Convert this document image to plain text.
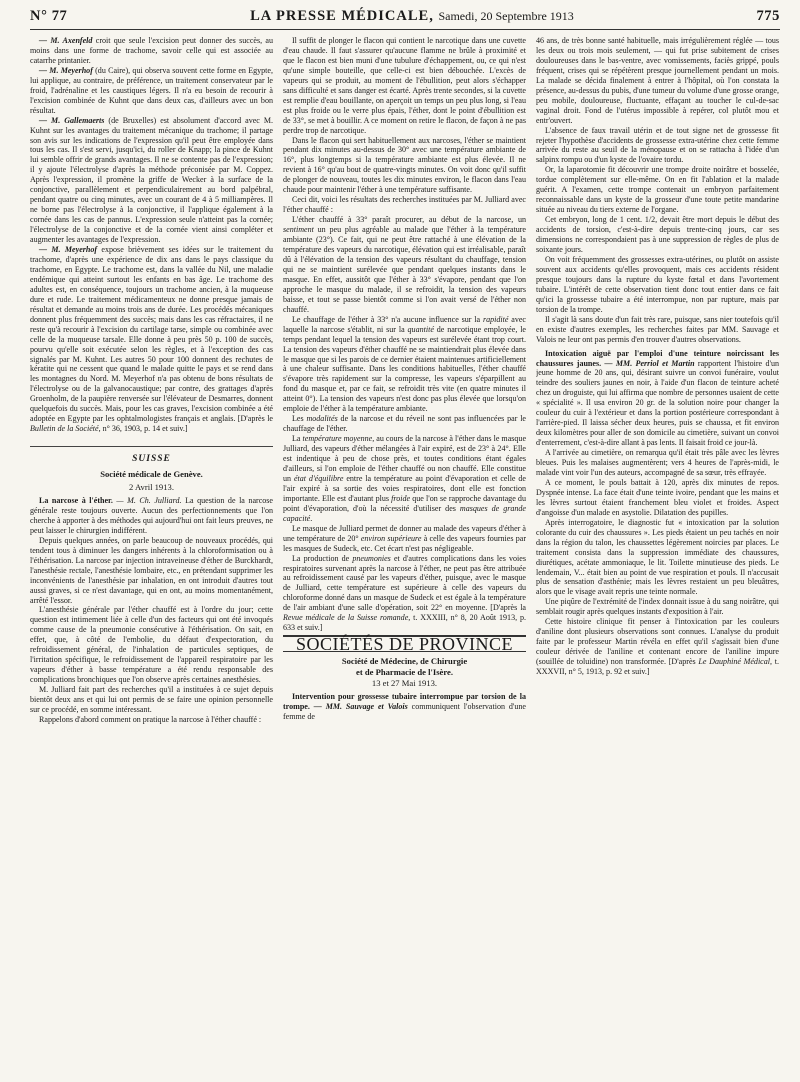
N° 77	LA PRESSE MÉDICALE, Samedi, 20 Septembre 1913	775

— M. Axenfeld croit que seule l'excision peut donner des succès, au moins dans une forme de trachome, savoir celle qui est associée au catarrhe printanier.

— M. Meyerhof (du Caire), qui observa souvent cette forme en Egypte, lui applique, au contraire, de préférence, un traitement conservateur par le froid, l'adrénaline et les caustiques légers. Il n'a eu besoin de recourir à l'excision combinée de Kuhnt que dans deux cas, d'ailleurs avec un bon résultat.

— M. Gallemaerts (de Bruxelles) est absolument d'accord avec M. Kuhnt sur les avantages du traitement mécanique du trachome; il partage son avis sur les indications de l'expression qu'il peut être employée dans tous les cas. Il s'est servi, jusqu'ici, du roller de Knapp; la pince de Kuhnt lui semble offrir de grands avantages. Il ne se contente pas de l'expression; il y ajoute l'électrolyse d'après la méthode préconisée par M. Coppez. Après l'expression, il promène la griffe de Wecker à la surface de la conjonctive, parallèlement et perpendiculairement au bord palpébral, pendant quatre ou cinq minutes, avec un courant de 4 à 5 milliampères. Il ne borne pas l'électrolyse à la conjonctive, il l'applique également à la cornée dans les cas de pannus. L'expression seule n'atteint pas la cornée; l'électrolyse de la conjonctive et de la cornée vient ainsi compléter et augmenter les avantages de l'expression.

— M. Meyerhof expose brièvement ses idées sur le traitement du trachome, d'après une expérience de dix ans dans le pays classique du trachome, en Egypte. Le trachome est, dans la vallée du Nil, une maladie endémique qui atteint surtout les enfants en bas âge. Le trachome des adultes est, en conséquence, toujours un trachome ancien, à la muqueuse dure et rude. Le traitement médicamenteux ne donne presque jamais de résultat et demande au moins trois ans de durée. Les procédés mécaniques donnent plus fréquemment des succès; mais dans les cas réfractaires, il ne reste qu'à recourir à l'excision du cartilage tarse, simple ou combinée avec celle de la muqueuse tarsale. Elle donne à peu près 50 p. 100 de succès, pourvu qu'elle soit exécutée selon les règles, et à l'exception des cas signalés par M. Kuhnt. Les autres 50 pour 100 donnent des rechutes de kératite qui ne cessent que quand le malade quitte le pays et se rend dans les montagnes du Nord. M. Meyerhof n'a pas obtenu de bons résultats de l'électrolyse ou de la galvanocaustique; par contre, des grattages d'après Groenholm, de la paupière renversée sur l'élévateur de Desmarres, donnent quelquefois du succès. Mais, pour les cas graves, l'excision combinée a été adoptée en Egypte par les ophtalmologistes français et anglais. [D'après le Bulletin de la Société, n° 36, 1903, p. 14 et suiv.]

SUISSE
Société médicale de Genève.
2 Avril 1913.

La narcose à l'éther. — M. Ch. Julliard. La question de la narcose générale reste toujours ouverte. Aucun des perfectionnements que l'on cherche à apporter à des méthodes qui aujourd'hui ont fait leurs preuves, ne peut laisser le chirurgien indifférent.

Depuis quelques années, on parle beaucoup de nouveaux procédés, qui tendent tous à diminuer les dangers inhérents à la chloroformisation ou à l'éthérisation. La narcose par injection intraveineuse d'éther de Burckhardt, l'anesthésie rectale, l'anesthésie lombaire, etc., en prétendant supprimer les inconvénients de l'anesthésie par inhalation, en ont introduit d'autres tout aussi graves, si ce n'est davantage, qui en ont, au moins momentanément, arrêté l'essor.

L'anesthésie générale par l'éther chauffé est à l'ordre du jour; cette question est intimement liée à celle d'un des facteurs qui ont été invoqués comme cause de la pneumonie consécutive à l'éthérisation. On sait, en effet, que, à côté de l'embolie, du défaut d'expectoration, du refroidissement général, de l'inhalation de particules septiques, de l'irritation spécifique, le refroidissement de l'appareil respiratoire par les vapeurs d'éther à basse température a été rendu responsable des complications bronchiques que l'on observe après certaines anesthésies.

M. Julliard fait part des recherches qu'il a instituées à ce sujet depuis bientôt deux ans et qui lui ont permis de se faire une opinion personnelle sur ce procédé, en somme intéressant.

Rappelons d'abord comment on pratique la narcose à l'éther chauffé :

Il suffit de plonger le flacon qui contient le narcotique dans une cuvette d'eau chaude. Il faut s'assurer qu'aucune flamme ne brûle à proximité et que le flacon est bien muni d'une tubulure d'échappement, ou, ce qui n'est qu'une simple bouteille, que celle-ci est bien débouchée. L'excès de vapeurs qui se produit, au moment de l'ébullition, peut alors s'échapper sans difficulté et sans danger est écarté. Après trente secondes, si la cuvette est remplie d'eau bouillante, on aperçoit un temps un peu plus long, si l'eau est plus froide ou le verre plus épais, l'éther, dont le point d'ébullition est de 33°, se met à bouillir. A ce moment on retire le flacon, de façon à ne pas perdre trop de narcotique.

Dans le flacon qui sert habituellement aux narcoses, l'éther se maintient pendant dix minutes au-dessus de 30° avec une température ambiante de 16°, plus longtemps si la température ambiante est plus élevée. Il ne revient à 16° qu'au bout de quatre-vingts minutes. On voit donc qu'il suffit de plonger de nouveau, toutes les dix minutes environ, le flacon dans l'eau chaude pour maintenir l'éther à une température suffisante.

Ceci dit, voici les résultats des recherches instituées par M. Julliard avec l'éther chauffé :

L'éther chauffé à 33° paraît procurer, au début de la narcose, un sentiment un peu plus agréable au malade que l'éther à la température ambiante (23°). Ce fait, qui ne peut être rattaché à une élévation de la température des vapeurs du narcotique, élévation qui est irréalisable, paraît dû à l'élévation de la tension des vapeurs résultant du chauffage, tension qui ne se maintient surélevée que pendant quelques instants dans le masque. En effet, aussitôt que l'éther à 33° s'évapore, pendant que l'on approche le masque du malade, il se refroidit, la tension des vapeurs baisse, et tout se passe bientôt comme si l'on avait versé de l'éther non chauffé.

Le chauffage de l'éther à 33° n'a aucune influence sur la rapidité avec laquelle la narcose s'établit, ni sur la quantité de narcotique employée, le temps pendant lequel la tension des vapeurs est surélevée étant trop court. La tension des vapeurs d'éther chauffé ne se maintiendrait plus élevée dans le masque que si les parois de ce dernier étaient maintenues artificiellement à une chaleur suffisante. Dans les conditions habituelles, l'éther chauffé s'évapore très rapidement sur la compresse, les vapeurs s'éparpillent au fond du masque et, par ce fait, se refroidit très vite (en quatre minutes il atteint 0°). La tension des vapeurs n'est donc pas plus élevée que lorsqu'on emploie de l'éther à la température ambiante.

Les modalités de la narcose et du réveil ne sont pas influencées par le chauffage de l'éther.

La température moyenne, au cours de la narcose à l'éther dans le masque Julliard, des vapeurs d'éther mélangées à l'air expiré, est de 23° à 24°. Elle est indentique à peu de chose près, et toutes conditions étant égales d'ailleurs, si l'on emploie de l'éther chauffé ou non chauffé. Elle constitue un état d'équilibre entre la température au point d'évaporation et celle de l'air expiré à sa sortie des voies respiratoires, dont elle est fonction importante. Elle est d'autant plus froide que l'on se rapproche davantage du point d'évaporation, d'où la nécessité d'utiliser des masques de grande capacité.

Le masque de Julliard permet de donner au malade des vapeurs d'éther à une température de 20° environ supérieure à celle des vapeurs fournies par les masques de Sudeck, etc. Cet écart n'est pas négligeable.

La production de pneumonies et d'autres complications dans les voies respiratoires survenant après la narcose à l'éther, ne peut pas être attribuée au refroidissement causé par les vapeurs d'éther, puisque, avec le masque de Julliard, cette température est supérieure à celle des vapeurs du chloroforme donné dans un masque de Sudeck et est égale à la température de l'air ambiant d'une salle d'opération, soit 22° en moyenne. [D'après la Revue médicale de la Suisse romande, t. XXXIII, n° 8, 20 Août 1913, p. 633 et suiv.]

SOCIÉTÉS DE PROVINCE
Société de Médecine, de Chirurgie
et de Pharmacie de l'Isère.
13 et 27 Mai 1913.

Intervention pour grossesse tubaire interrompue par torsion de la trompe. — MM. Sauvage et Valois communiquent l'observation d'une femme de

46 ans, de très bonne santé habituelle, mais irrégulièrement réglée — tous les deux ou trois mois seulement, — qui fut prise subitement de crises douloureuses dans le bas-ventre, avec vomissements, faciès grippé, pouls fréquent, crises qui se répétèrent presque journellement pendant un mois. La malade se décida finalement à entrer à l'hôpital, où l'on constata la présence, au-dessus du pubis, d'une tumeur du volume d'une grosse orange, peu mobile, douloureuse, fluctuante, effaçant au toucher le cul-de-sac vaginal droit. Fond de l'utérus impossible à repérer, col plutôt mou et entr'ouvert.

L'absence de faux travail utérin et de tout signe net de grossesse fit rejeter l'hypothèse d'accidents de grossesse extra-utérine chez cette femme arrivée du reste au seuil de la ménopause et on se rattacha à l'idée d'un salpinx rompu ou d'un kyste de l'ovaire tordu.

Or, la laparotomie fit découvrir une trompe droite noirâtre et bosselée, tordue complètement sur elle-même. On en fit l'ablation et la malade guérit. A l'examen, cette trompe contenait un embryon parfaitement reconnaissable dans un kyste de la grosseur d'une toute petite mandarine située au niveau du tiers externe de l'organe.

Cet embryon, long de 1 cent. 1/2, devait être mort depuis le début des accidents de torsion, c'est-à-dire depuis trente-cinq jours, car ses dimensions ne correspondaient pas à une suppression de règles de plus de soixante jours.

On voit fréquemment des grossesses extra-utérines, ou plutôt on assiste souvent aux accidents qu'elles provoquent, mais ces accidents résident presque toujours dans la rupture du kyste fœtal et dans l'avortement tubaire. L'intérêt de cette observation tient donc tout entier dans ce fait qu'ici la grossesse tubaire a été interrompue, non par rupture, mais par torsion de la trompe.

Il s'agit là sans doute d'un fait très rare, puisque, sans nier toutefois qu'il en existe d'autres exemples, les recherches faites par MM. Sauvage et Valois ne leur ont pas permis d'en trouver d'autres observations.

Intoxication aiguë par l'emploi d'une teinture noircissant les chaussures jaunes. — MM. Perriol et Martin rapportent l'histoire d'un jeune homme de 20 ans, qui, désirant suivre un convoi funéraire, voulut teindre des souliers jaunes en noir, à l'aide d'un flacon de teinture acheté chez un droguiste, qui lui affirma que nombre de personnes usaient de cette « spécialité ». Il usa environ 20 gr. de la solution noire pour changer la couleur du cuir à l'extérieur et dans la portion postérieure correspondant à l'arrière-pied. Il laissa sécher deux heures, puis se chaussa, et fit environ deux kilomètres pour aller de son domicile au cimetière, suivant un convoi d'enterrement, c'est-à-dire allant à pas lents. Il faisait froid ce jour-là.

A l'arrivée au cimetière, on remarqua qu'il était très pâle avec les lèvres bleues. Puis les malaises augmentèrent; vers 4 heures de l'après-midi, le malade vint voir l'un des auteurs, accompagné de sa sœur, très effrayée.

A ce moment, le pouls battait à 120, après dix minutes de repos. Dyspnée intense. La face était d'une teinte ivoire, pendant que les mains et les lèvres surtout étaient franchement bleu violet et froides. Aspect d'angoisse d'un malade en asystolie. Dilatation des pupilles.

Après interrogatoire, le diagnostic fut « intoxication par la solution colorante du cuir des chaussures ». Les pieds étaient un peu tachés en noir dans la région du talon, les chaussettes légèrement noircies par places. Le traitement consista dans la suppression immédiate des chaussures, diurétiques, acétate ammoniaque, le lit. Toilette minutieuse des pieds. Le lendemain, V... était bien au point de vue respiration et pouls. Il n'accusait plus de sensation d'asthénie; mais les lèvres restaient un peu bleuâtres, alors que le visage avait repris une teinte normale.

Une piqûre de l'extrémité de l'index donnait issue à du sang noirâtre, qui semblait rougir après quelques instants d'exposition à l'air.

Cette histoire clinique fit penser à l'intoxication par les couleurs d'aniline dont plusieurs observations sont connues. L'analyse du produit faite par le professeur Martin révéla en effet qu'il s'agissait bien d'une couleur dérivée de l'aniline et contenant encore de l'aniline impure (souillée de toluidine) non transformée. [D'après Le Dauphiné Médical, t. XXXVII, n° 5, 1913, p. 92 et suiv.]
